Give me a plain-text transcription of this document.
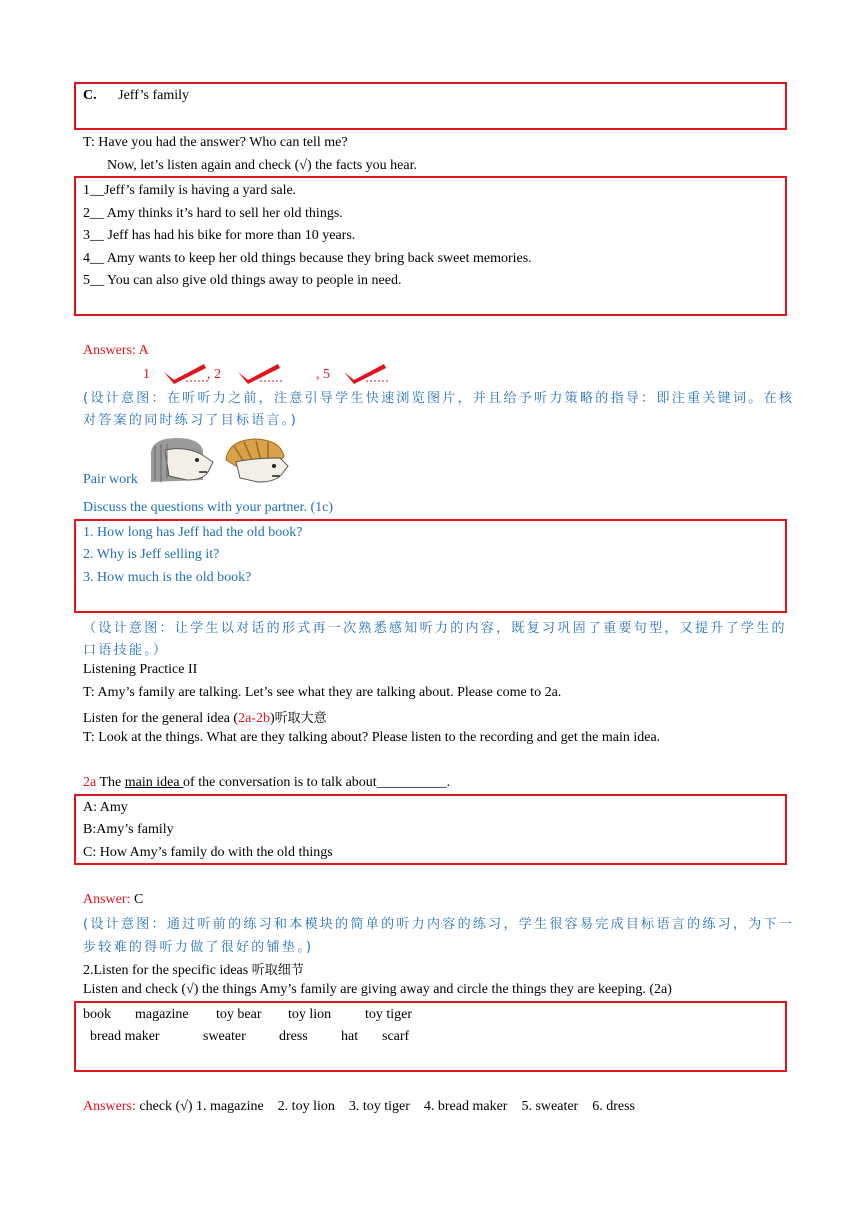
C. Jeff’s family
T: Have you had the answer? Who can tell me?
Now, let’s listen again and check (√) the facts you hear.
1__Jeff’s family is having a yard sale.
2__ Amy thinks it’s hard to sell her old things.
3__ Jeff has had his bike for more than 10 years.
4__ Amy wants to keep her old things because they bring back sweet memories.
5__ You can also give old things away to people in need.
Answers: A
1	, 2	, 5
(设计意图：在听听力之前，注意引导学生快速浏览图片，并且给予听力策略的指导：即注重关键词。在核
对答案的同时练习了目标语言。)
Pair work
Discuss the questions with your partner. (1c)
1. How long has Jeff had the old book?
2. Why is Jeff selling it?
3. How much is the old book?
（设计意图：让学生以对话的形式再一次熟悉感知听力的内容，既复习巩固了重要句型，又提升了学生的
口语技能。）
Listening Practice II
T: Amy’s family are talking. Let’s see what they are talking about. Please come to 2a.
Listen for the general idea (2a-2b)听取大意
T: Look at the things. What are they talking about? Please listen to the recording and get the main idea.
2a The main idea of the conversation is to talk about__________.
A: Amy
B:Amy’s family
C: How Amy’s family do with the old things
Answer: C
(设计意图：通过听前的练习和本模块的简单的听力内容的练习，学生很容易完成目标语言的练习，为下一
步较难的得听力做了很好的铺垫。)
2.Listen for the specific ideas 听取细节
Listen and check (√) the things Amy’s family are giving away and circle the things they are keeping. (2a)
book magazine toy bear toy lion toy tiger
bread maker	sweater dress hat scarf
Answers: check (√) 1. magazine    2. toy lion    3. toy tiger    4. bread maker    5. sweater    6. dress
